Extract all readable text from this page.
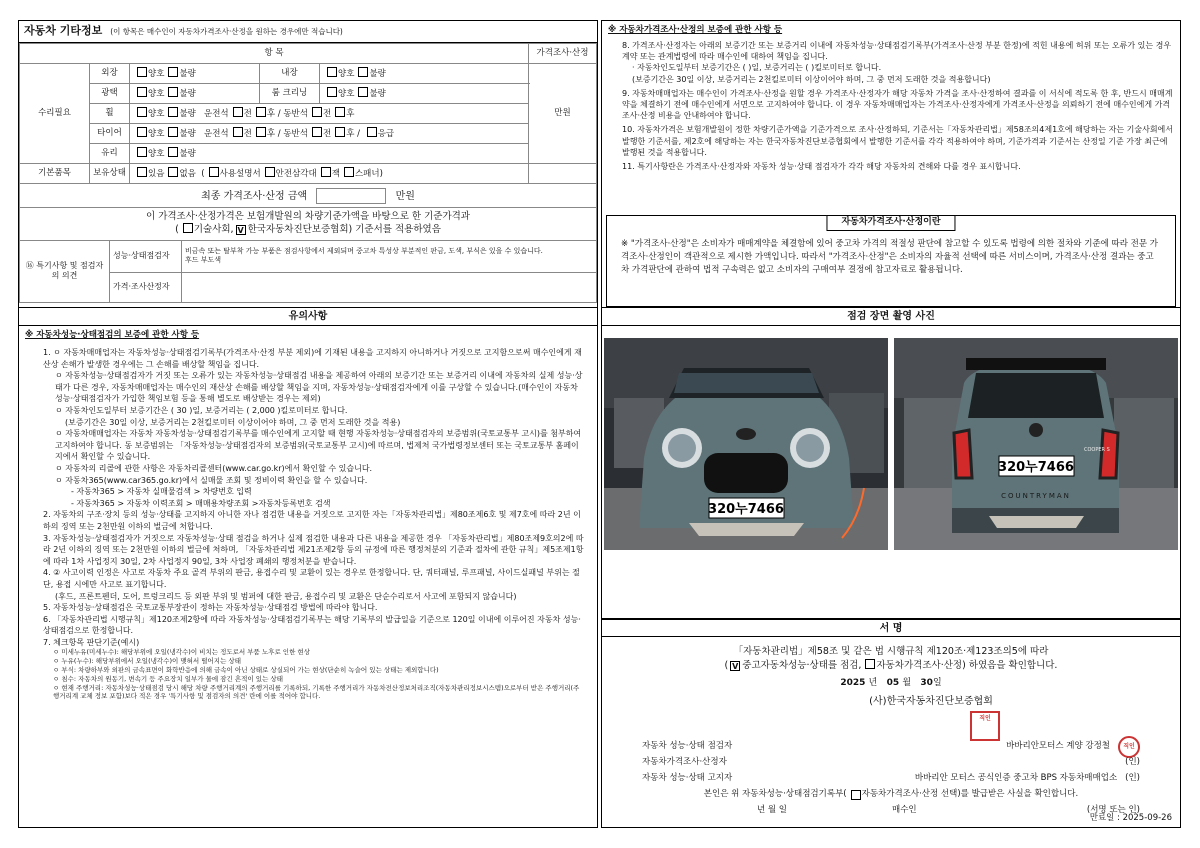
자동차 기타정보 (이 항목은 매수인이 자동차가격조사·산정을 원하는 경우에만 적습니다)
항 목					가격조사·산정
수리필요	외장	양호 불량	내장	양호 불량	만원
	광택	양호 불량	룸 크리닝	양호 불량	
	휠	양호 불량 운전석 전 후 / 동반석 전 후			
	타이어	양호 불량 운전석 전 후 / 동반석 전 후 / 응급			
	유리	양호 불량			
기본품목	보유상태	있음 없음  ( 사용설명서 안전삼각대 잭 스패너)			
최종 가격조사·산정 금액 만원					

이 가격조사·산정가격은 보험개발원의 차량기준가액을 바탕으로 한 기준가격과
( 기술사회, V 한국자동차진단보증협회) 기준서를 적용하였음					
⑯ 특기사항 및 점검자의 의견	성능·상태점검자	비금속 또는 탈부착 가능 부품은 점검사항에서 제외되며 중고차 특성상 부분적인 판금, 도색, 부식은 있을 수 있습니다.
후드 부도색

	가격·조사산정자	
※ 자동차가격조사·산정의 보증에 관한 사항 등
8. 가격조사·산정자는 아래의 보증기간 또는 보증거리 이내에 자동차성능·상태점검기록부(가격조사·산정 부분 한정)에 적힌 내용에 허위 또는 오류가 있는 경우 계약 또는 관계법령에 따라 매수인에 대하여 책임을 집니다.
· 자동차인도일부터 보증기간은 ( )일, 보증거리는 ( )킬로미터로 합니다.
(보증기간은 30일 이상, 보증거리는 2천킬로미터 이상이어야 하며, 그 중 먼저 도래한 것을 적용합니다)
9. 자동차매매업자는 매수인이 가격조사·산정을 원할 경우 가격조사·산정자가 해당 자동차 가격을 조사·산정하여 결과를 이 서식에 적도록 한 후, 반드시 매매계약을 체결하기 전에 매수인에게 서면으로 고지하여야 합니다. 이 경우 자동차매매업자는 가격조사·산정자에게 가격조사·산정을 의뢰하기 전에 매수인에게 가격조사·산정 비용을 안내하여야 합니다.
10. 자동차가격은 보험개발원이 정한 차량기준가액을 기준가격으로 조사·산정하되, 기준서는「자동차관리법」제58조의4제1호에 해당하는 자는 기술사회에서 발행한 기준서를, 제2호에 해당하는 자는 한국자동차진단보증협회에서 발행한 기준서를 각각 적용하여야 하며, 기준가격과 기준서는 산정일 기준 가장 최근에 발행된 것을 적용합니다.
11. 특기사항란은 가격조사·산정자와 자동차 성능·상태 점검자가 각각 해당 자동차의 견해와 다를 경우 표시합니다.
자동차가격조사·산정이란
※ "가격조사·산정"은 소비자가 매매계약을 체결함에 있어 중고차 가격의 적절성 판단에 참고할 수 있도록 법령에 의한 절차와 기준에 따라 전문 가격조사·산정인이 객관적으로 제시한 가액입니다. 따라서 "가격조사·산정"은 소비자의 자율적 선택에 따른 서비스이며, 가격조사·산정 결과는 중고차 가격판단에 관하여 법적 구속력은 없고 소비자의 구매여부 결정에 참고자료로 활용됩니다.
유의사항
※ 자동차성능·상태점검의 보증에 관한 사항 등
1. ㅇ 자동차매매업자는 자동차성능·상태점검기록부(가격조사·산정 부분 제외)에 기재된 내용을 고지하지 아니하거나 거짓으로 고지함으로써 매수인에게 재산상 손해가 발생한 경우에는 그 손해를 배상할 책임을 집니다.
ㅇ 자동차성능·상태점검자가 거짓 또는 오류가 있는 자동차성능·상태점검 내용을 제공하여 아래의 보증기간 또는 보증거리 이내에 자동차의 실제 성능·상태가 다른 경우, 자동차매매업자는 매수인의 재산상 손해를 배상할 책임을 지며, 자동차성능·상태점검자에게 이를 구상할 수 있습니다.(매수인이 자동차성능·상태점검자가 가입한 책임보험 등을 통해 별도로 배상받는 경우는 제외)
ㅇ 자동차인도일부터 보증기간은 ( 30 )일, 보증거리는 ( 2,000 )킬로미터로 합니다.
(보증기간은 30일 이상, 보증거리는 2천킬로미터 이상이어야 하며, 그 중 먼저 도래한 것을 적용)
ㅇ 자동차매매업자는 자동차 자동차성능·상태점검기록부를 매수인에게 고지할 때 현행 자동차성능·상태점검자의 보증범위(국토교통부 고시)를 첨부하여 고지하여야 합니다. 동 보증범위는 「자동차성능·상태점검자의 보증범위(국토교통부 고시)에 따르며, 법제처 국가법령정보센터 또는 국토교통부 홈페이지에서 확인할 수 있습니다.
ㅇ 자동차의 리콜에 관한 사항은 자동차리콜센터(www.car.go.kr)에서 확인할 수 있습니다.
ㅇ 자동차365(www.car365.go.kr)에서 실매물 조회 및 정비이력 확인을 할 수 있습니다.
- 자동차365 > 자동차 실매물검색 > 차량번호 입력
- 자동차365 > 자동차 이력조회 > 매매용차량조회 >자동차등록번호 검색
2. 자동차의 구조·장치 등의 성능·상태를 고지하지 아니한 자나 점검한 내용을 거짓으로 고지한 자는「자동차관리법」제80조제6호 및 제7호에 따라 2년 이하의 징역 또는 2천만원 이하의 벌금에 처합니다.
3. 자동차성능·상태점검자가 거짓으로 자동차성능·상태 점검을 하거나 실제 점검한 내용과 다른 내용을 제공한 경우 「자동차관리법」제80조제9호의2에 따라 2년 이하의 징역 또는 2천만원 이하의 벌금에 처하며, 「자동차관리법 제21조제2항 등의 규정에 따른 행정처분의 기준과 절차에 관한 규칙」제5조제1항에 따라 1차 사업정지 30일, 2차 사업정지 90일, 3차 사업장 폐쇄의 행정처분을 받습니다.
4. ② 사고이력 인정은 사고로 자동차 주요 골격 부위의 판금, 용접수리 및 교환이 있는 경우로 한정합니다. 단, 쿼터패널, 루프패널, 사이드실패널 부위는 절단, 용접 시에만 사고로 표기합니다.
(후드, 프론트펜더, 도어, 트렁크리드 등 외판 부위 및 범퍼에 대한 판금, 용접수리 및 교환은 단순수리로서 사고에 포함되지 않습니다)
5. 자동차성능·상태점검은 국토교통부장관이 정하는 자동차성능·상태점검 방법에 따라야 합니다.
6. 「자동차관리법 시행규칙」제120조제2항에 따라 자동차성능·상태점검기록부는 해당 기록부의 발급일을 기준으로 120일 이내에 이루어진 자동차 성능·상태점검으로 한정합니다.
7. 체크항목 판단기준(예시)
ㅇ 미세누유(미세누수): 해당부위에 오일(냉각수)이 비치는 정도로서 부품 노후로 인한 현상
ㅇ 누유(누수): 해당부위에서 오일(냉각수)이 맺혀서 떨어지는 상태
ㅇ 부식: 차량하부와 외판의 금속표면이 화학반응에 의해 금속이 아닌 상태로 상실되어 가는 현상(단순히 녹슬어 있는 상태는 제외합니다)
ㅇ 침수: 자동차의 원동기, 변속기 등 주요장치 일부가 물에 잠긴 흔적이 있는 상태
ㅇ 현재 주행거리: 자동차성능·상태점검 당시 해당 차량 주행거리계의 주행거리를 기록하되, 기록한 주행거리가 자동차전산정보처리조직(자동차관리정보시스템)으로부터 받은 주행거리(주행거리계 교체 정보 포함)보다 적은 경우 '특기사항 및 점검자의 의견' 란에 이를 적어야 합니다.
점검 장면 촬영 사진
320누7466
320누7466
COOPER S
COUNTRYMAN
서 명
「자동차관리법」제58조 및 같은 법 시행규칙 제120조·제123조의5에 따라
( V 중고자동차성능·상태를 점검, 자동차가격조사·산정) 하였음을 확인합니다.
2025 년 05 월 30일
(사)한국자동차진단보증협회
직인
자동차 성능·상태 점검자	바바리안모터스 계양 강정철	직인
자동차가격조사·산정자	(인)
자동차 성능·상태 고지자	바바리안 모터스 공식인증 중고차 BPS 자동차매매업소 (인)
본인은 위 자동차성능·상태점검기록부( 자동차가격조사·산정 선택)를 발급받은 사실을 확인합니다.
년 월 일	매수인	(서명 또는 인)
만료일 : 2025-09-26
